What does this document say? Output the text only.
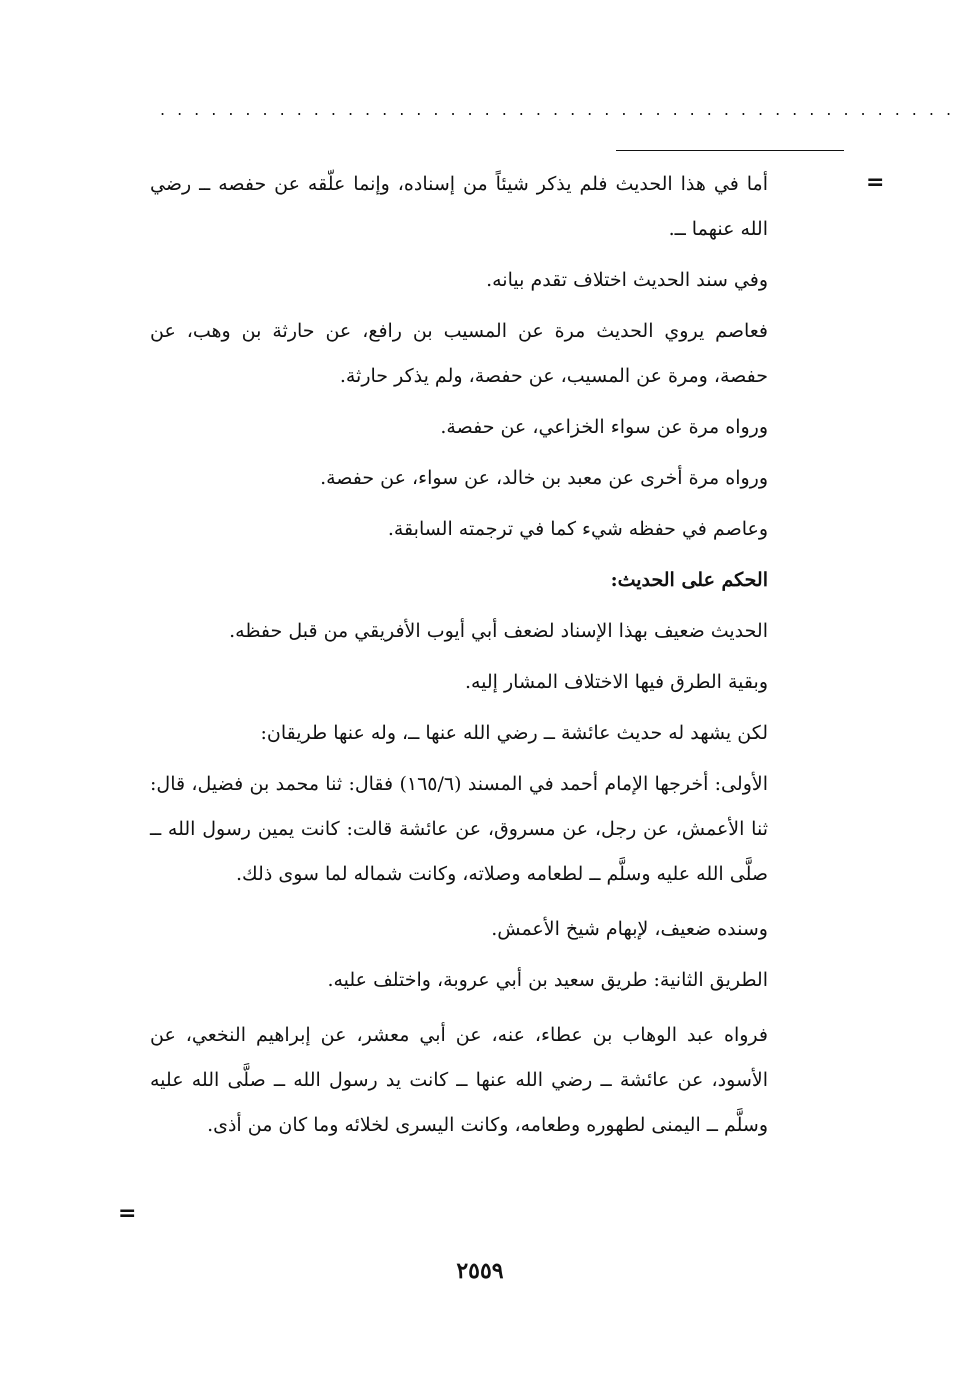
...............................................
=

أما في هذا الحديث فلم يذكر شيئاً من إسناده، وإنما علّقه عن حفصه ــ رضي الله عنهما ــ.

وفي سند الحديث اختلاف تقدم بيانه.

فعاصم يروي الحديث مرة عن المسيب بن رافع، عن حارثة بن وهب، عن حفصة، ومرة عن المسيب، عن حفصة، ولم يذكر حارثة.

ورواه مرة عن سواء الخزاعي، عن حفصة.

ورواه مرة أخرى عن معبد بن خالد، عن سواء، عن حفصة.

وعاصم في حفظه شيء كما في ترجمته السابقة.

الحكم على الحديث:

الحديث ضعيف بهذا الإسناد لضعف أبي أيوب الأفريقي من قبل حفظه.

وبقية الطرق فيها الاختلاف المشار إليه.

لكن يشهد له حديث عائشة ــ رضي الله عنها ــ، وله عنها طريقان:

الأولى: أخرجها الإمام أحمد في المسند (١٦٥/٦) فقال: ثنا محمد بن فضيل، قال: ثنا الأعمش، عن رجل، عن مسروق، عن عائشة قالت: كانت يمين رسول الله ــ صلَّى الله عليه وسلَّم ــ لطعامه وصلاته، وكانت شماله لما سوى ذلك.

وسنده ضعيف، لإبهام شيخ الأعمش.

الطريق الثانية: طريق سعيد بن أبي عروبة، واختلف عليه.

فرواه عبد الوهاب بن عطاء، عنه، عن أبي معشر، عن إبراهيم النخعي، عن الأسود، عن عائشة ــ رضي الله عنها ــ كانت يد رسول الله ــ صلَّى الله عليه وسلَّم ــ اليمنى لطهوره وطعامه، وكانت اليسرى لخلائه وما كان من أذى.

=
٢٥٥٩
